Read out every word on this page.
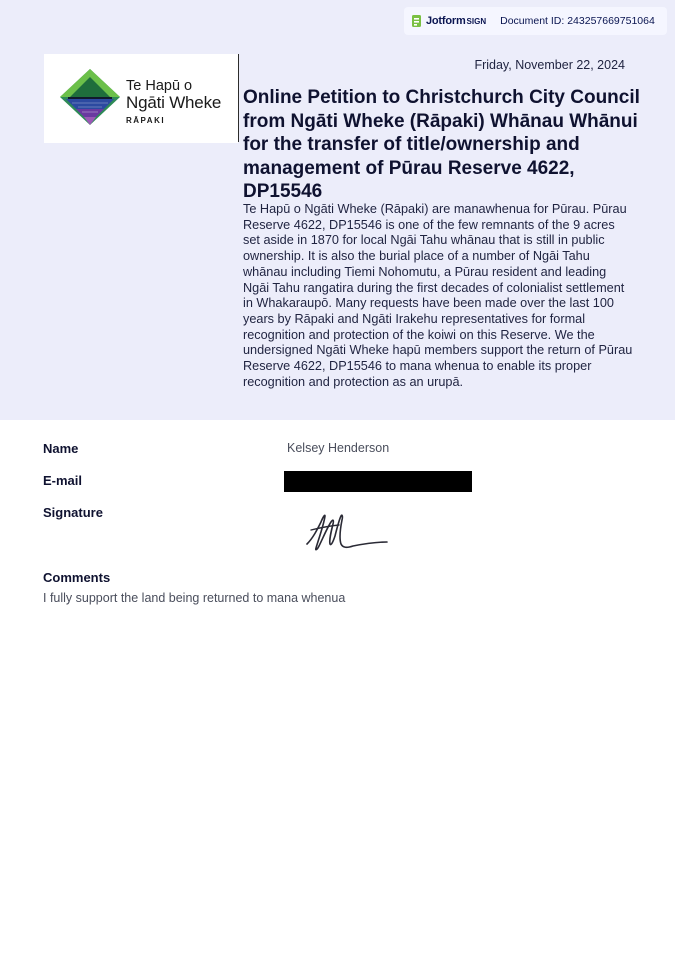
Jotform SIGN Document ID: 243257669751064
Te Hapū o
Ngāti Wheke
RĀPAKI
Friday, November 22, 2024
Online Petition to Christchurch City Council from Ngāti Wheke (Rāpaki) Whānau Whānui for the transfer of title/ownership and management of Pūrau Reserve 4622, DP15546

Te Hapū o Ngāti Wheke (Rāpaki) are manawhenua for Pūrau. Pūrau Reserve 4622, DP15546 is one of the few remnants of the 9 acres set aside in 1870 for local Ngāi Tahu whānau that is still in public ownership. It is also the burial place of a number of Ngāi Tahu whānau including Tiemi Nohomutu, a Pūrau resident and leading Ngāi Tahu rangatira during the first decades of colonialist settlement in Whakaraupō. Many requests have been made over the last 100 years by Rāpaki and Ngāti Irakehu representatives for formal recognition and protection of the koiwi on this Reserve. We the undersigned Ngāti Wheke hapū members support the return of Pūrau Reserve 4622, DP15546 to mana whenua to enable its proper recognition and protection as an urupā.

Name	Kelsey Henderson
E-mail
Signature
Comments
I fully support the land being returned to mana whenua
